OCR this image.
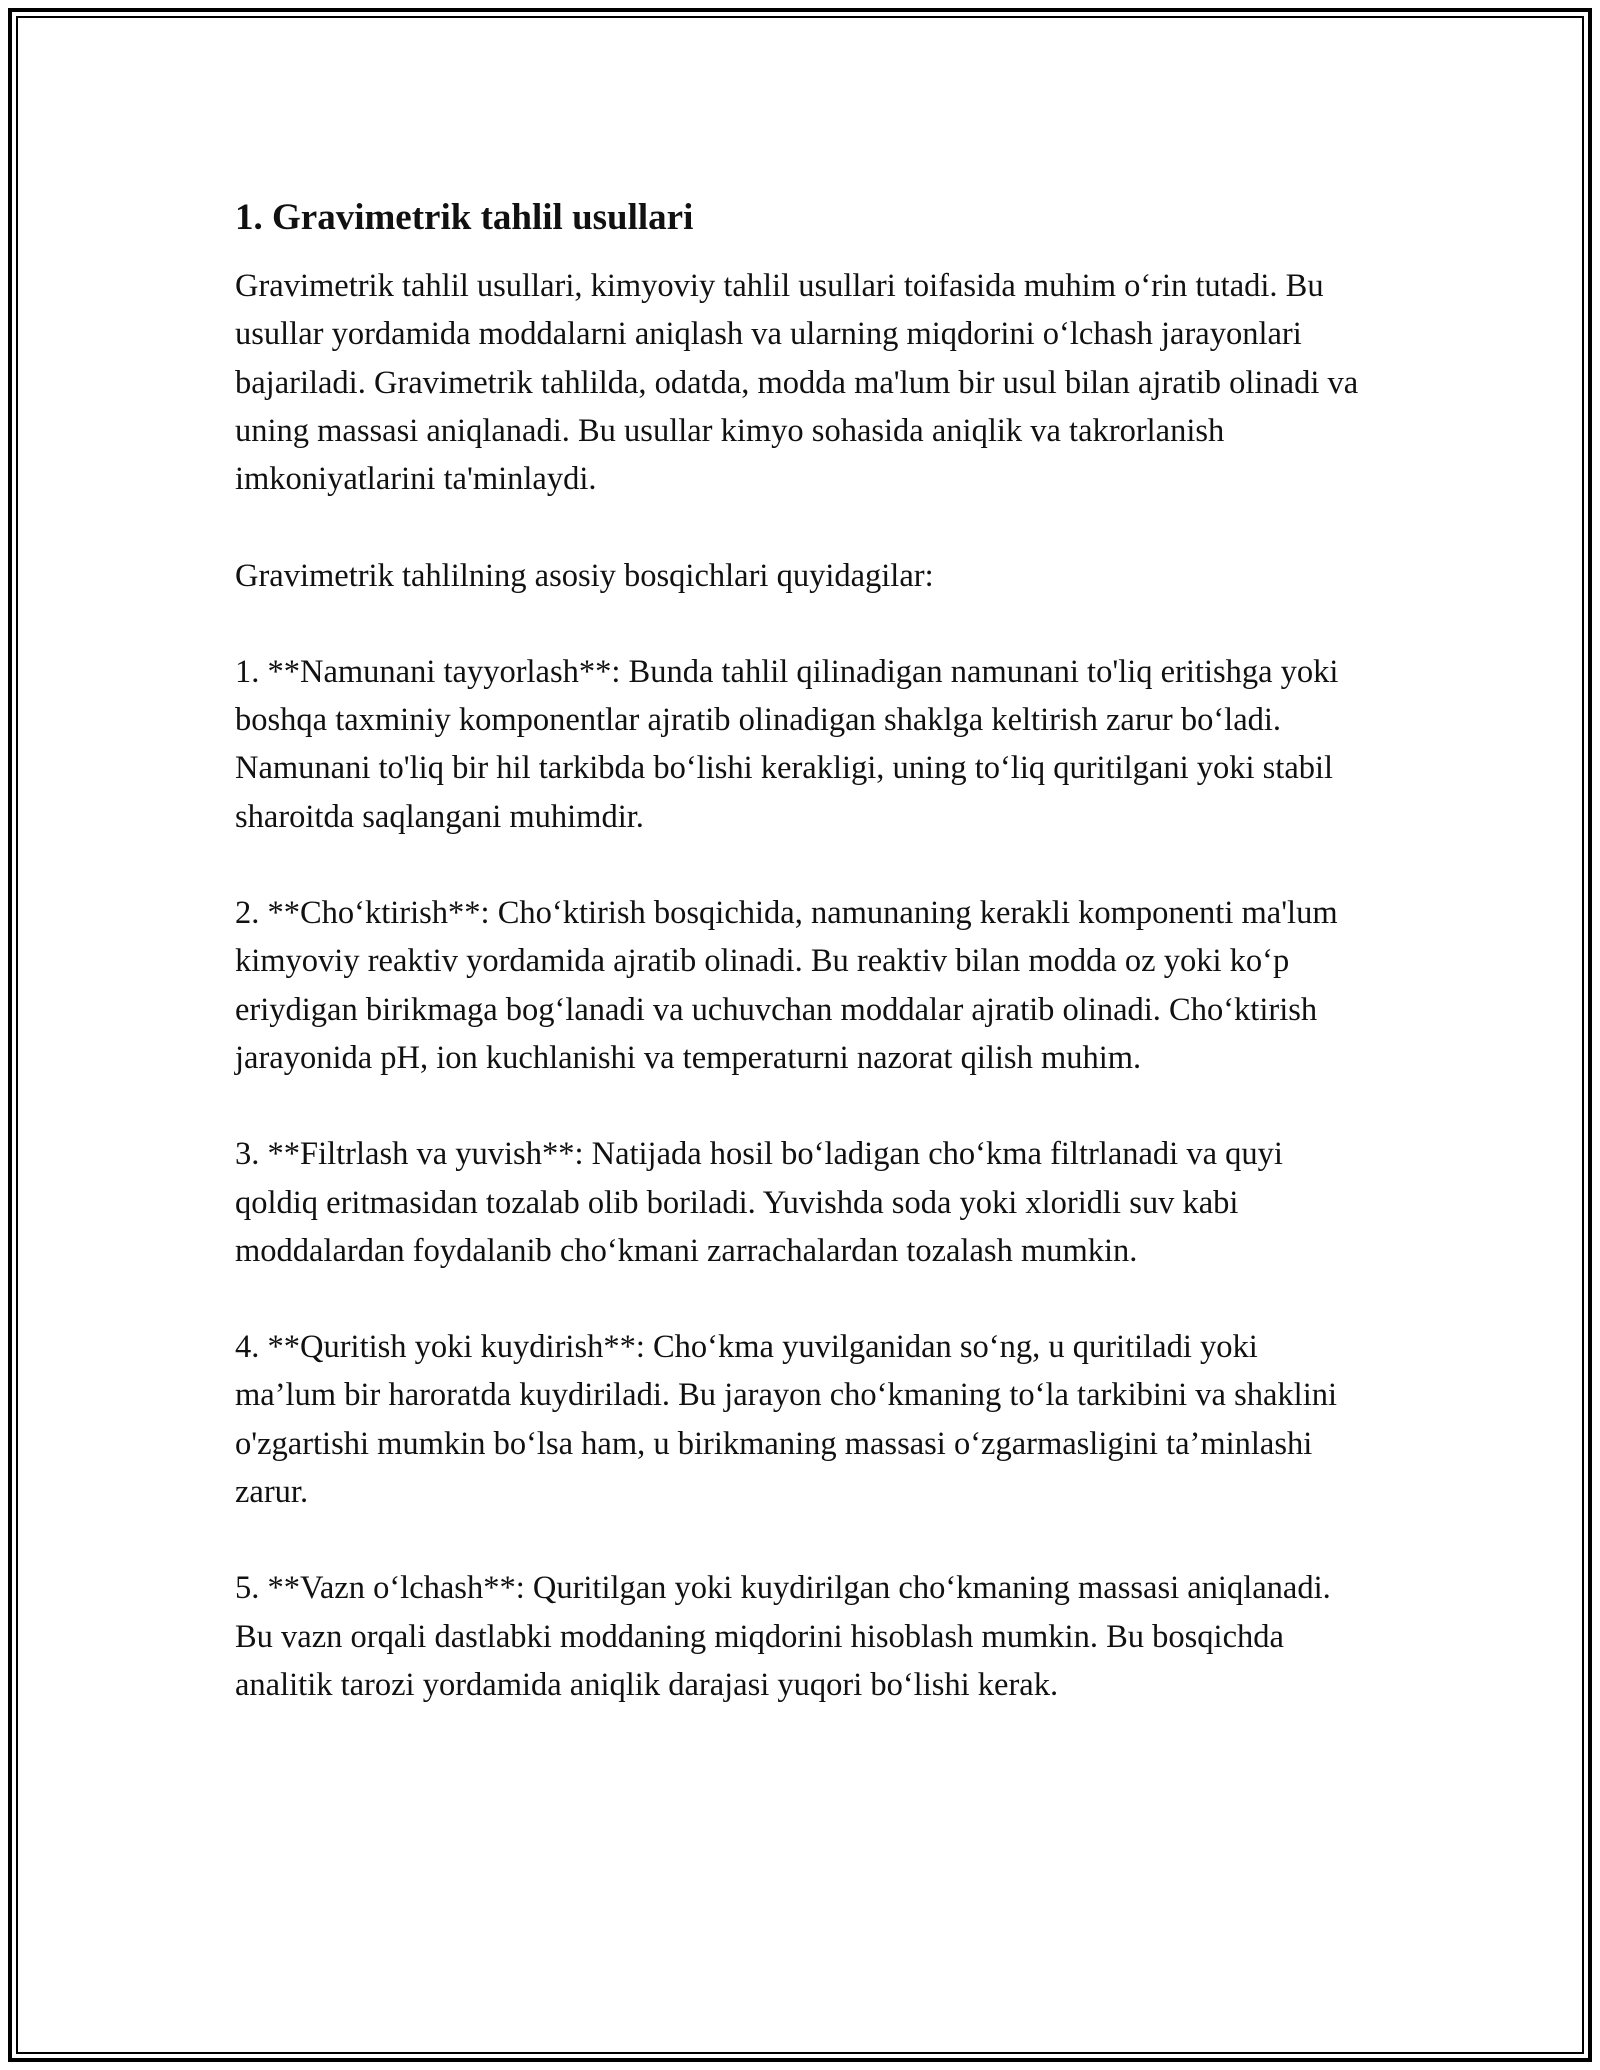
1. Gravimetrik tahlil usullari

Gravimetrik tahlil usullari, kimyoviy tahlil usullari toifasida muhim o‘rin tutadi. Bu usullar yordamida moddalarni aniqlash va ularning miqdorini o‘lchash jarayonlari bajariladi. Gravimetrik tahlilda, odatda, modda ma'lum bir usul bilan ajratib olinadi va uning massasi aniqlanadi. Bu usullar kimyo sohasida aniqlik va takrorlanish imkoniyatlarini ta'minlaydi.

Gravimetrik tahlilning asosiy bosqichlari quyidagilar:

1. **Namunani tayyorlash**: Bunda tahlil qilinadigan namunani to'liq eritishga yoki boshqa taxminiy komponentlar ajratib olinadigan shaklga keltirish zarur bo‘ladi. Namunani to'liq bir hil tarkibda bo‘lishi kerakligi, uning to‘liq quritilgani yoki stabil sharoitda saqlangani muhimdir.

2. **Cho‘ktirish**: Cho‘ktirish bosqichida, namunaning kerakli komponenti ma'lum kimyoviy reaktiv yordamida ajratib olinadi. Bu reaktiv bilan modda oz yoki ko‘p eriydigan birikmaga bog‘lanadi va uchuvchan moddalar ajratib olinadi. Cho‘ktirish jarayonida pH, ion kuchlanishi va temperaturni nazorat qilish muhim.

3. **Filtrlash va yuvish**: Natijada hosil bo‘ladigan cho‘kma filtrlanadi va quyi qoldiq eritmasidan tozalab olib boriladi. Yuvishda soda yoki xloridli suv kabi moddalardan foydalanib cho‘kmani zarrachalardan tozalash mumkin.

4. **Quritish yoki kuydirish**: Cho‘kma yuvilganidan so‘ng, u quritiladi yoki ma’lum bir haroratda kuydiriladi. Bu jarayon cho‘kmaning to‘la tarkibini va shaklini o'zgartishi mumkin bo‘lsa ham, u birikmaning massasi o‘zgarmasligini ta’minlashi zarur.

5. **Vazn o‘lchash**: Quritilgan yoki kuydirilgan cho‘kmaning massasi aniqlanadi. Bu vazn orqali dastlabki moddaning miqdorini hisoblash mumkin. Bu bosqichda analitik tarozi yordamida aniqlik darajasi yuqori bo‘lishi kerak.
